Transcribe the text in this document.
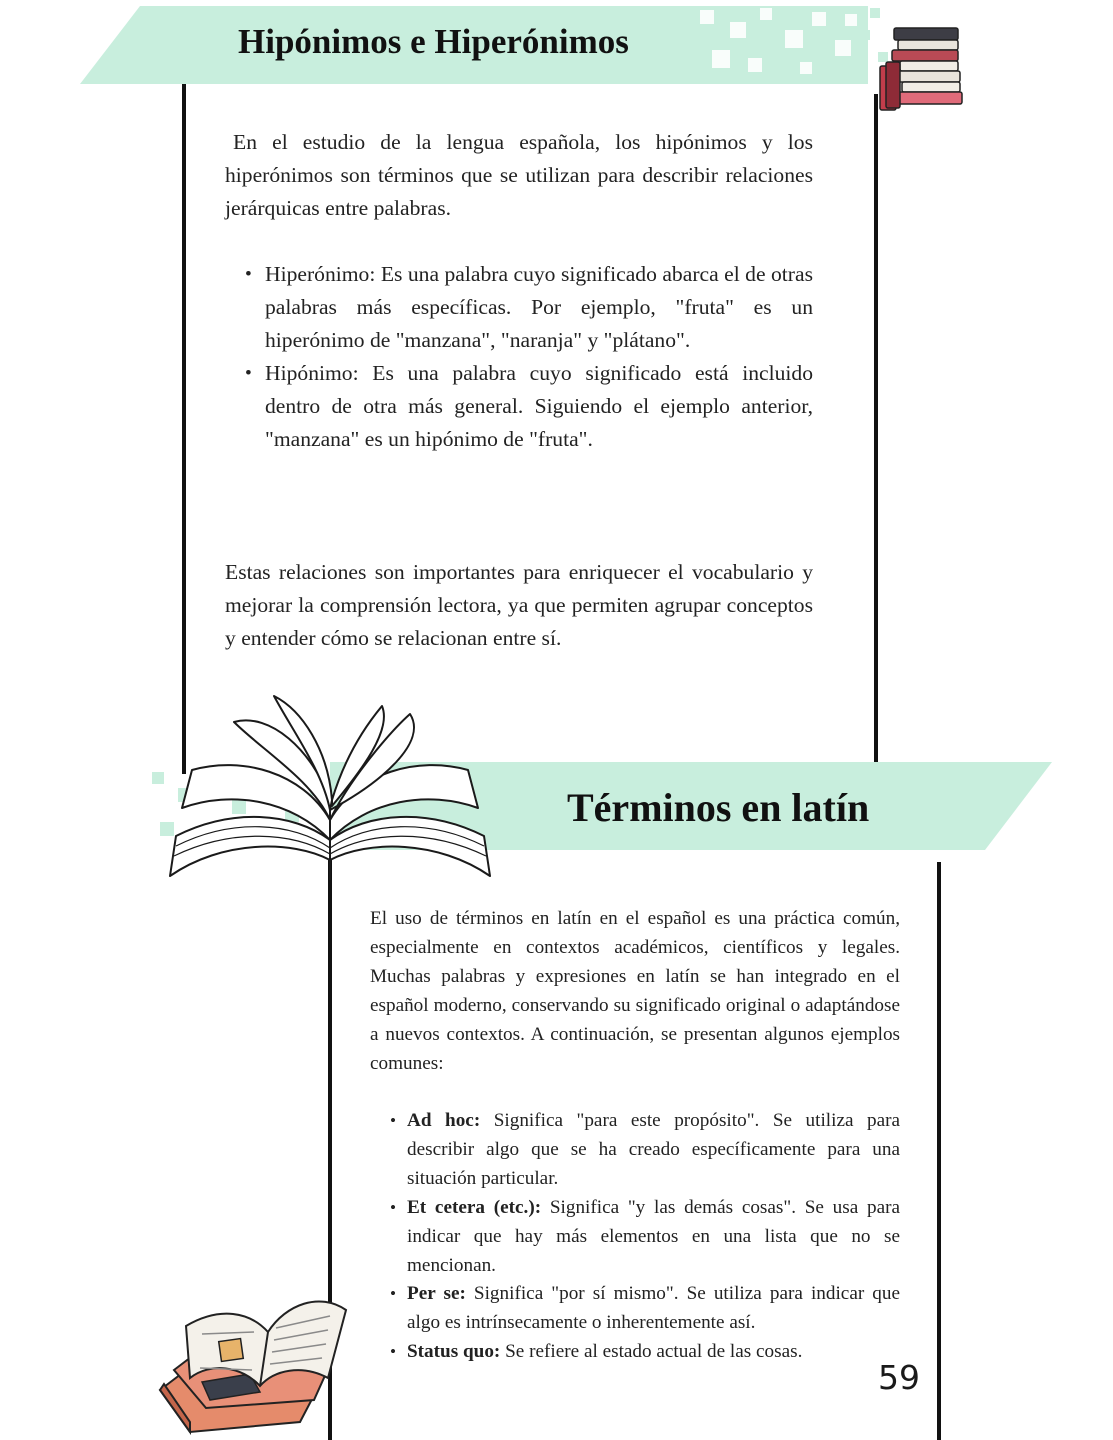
Hipónimos e Hiperónimos

En el estudio de la lengua española, los hipónimos y los hiperónimos son términos que se utilizan para describir relaciones jerárquicas entre palabras.

• Hiperónimo: Es una palabra cuyo significado abarca el de otras palabras más específicas. Por ejemplo, "fruta" es un hiperónimo de "manzana", "naranja" y "plátano".
• Hipónimo: Es una palabra cuyo significado está incluido dentro de otra más general. Siguiendo el ejemplo anterior, "manzana" es un hipónimo de "fruta".

Estas relaciones son importantes para enriquecer el vocabulario y mejorar la comprensión lectora, ya que permiten agrupar conceptos y entender cómo se relacionan entre sí.

Términos en latín

El uso de términos en latín en el español es una práctica común, especialmente en contextos académicos, científicos y legales. Muchas palabras y expresiones en latín se han integrado en el español moderno, conservando su significado original o adaptándose a nuevos contextos. A continuación, se presentan algunos ejemplos comunes:

• Ad hoc: Significa "para este propósito". Se utiliza para describir algo que se ha creado específicamente para una situación particular.
• Et cetera (etc.): Significa "y las demás cosas". Se usa para indicar que hay más elementos en una lista que no se mencionan.
• Per se: Significa "por sí mismo". Se utiliza para indicar que algo es intrínsecamente o inherentemente así.
• Status quo: Se refiere al estado actual de las cosas.

59
